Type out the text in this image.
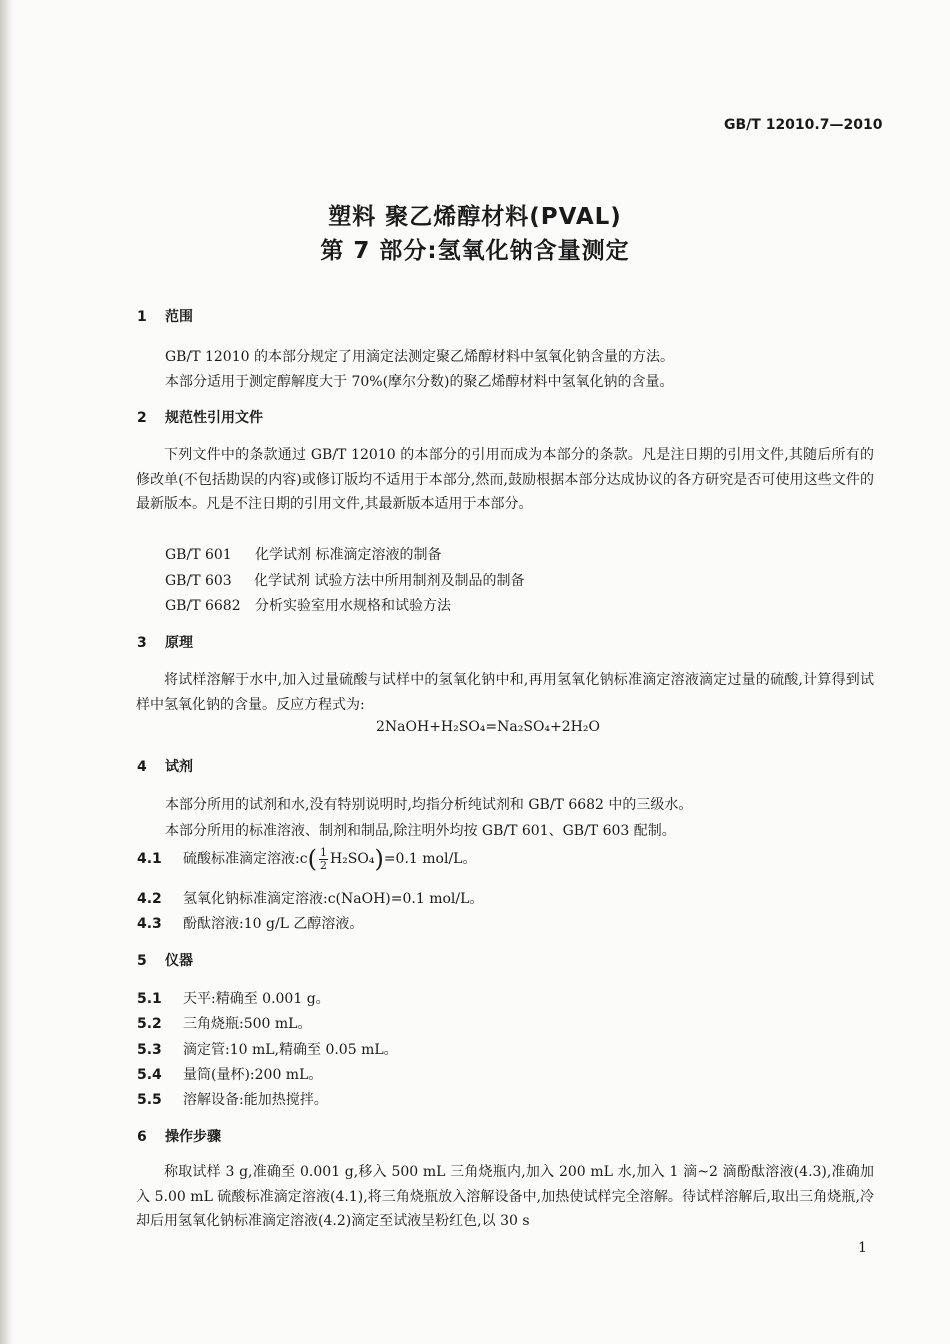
GB/T 12010.7—2010
塑料 聚乙烯醇材料(PVAL)
第 7 部分:氢氧化钠含量测定
1 范围
GB/T 12010 的本部分规定了用滴定法测定聚乙烯醇材料中氢氧化钠含量的方法。
本部分适用于测定醇解度大于 70%(摩尔分数)的聚乙烯醇材料中氢氧化钠的含量。
2 规范性引用文件
下列文件中的条款通过 GB/T 12010 的本部分的引用而成为本部分的条款。凡是注日期的引用文件,其随后所有的修改单(不包括勘误的内容)或修订版均不适用于本部分,然而,鼓励根据本部分达成协议的各方研究是否可使用这些文件的最新版本。凡是不注日期的引用文件,其最新版本适用于本部分。
GB/T 601 化学试剂 标准滴定溶液的制备
GB/T 603 化学试剂 试验方法中所用制剂及制品的制备
GB/T 6682 分析实验室用水规格和试验方法
3 原理
将试样溶解于水中,加入过量硫酸与试样中的氢氧化钠中和,再用氢氧化钠标准滴定溶液滴定过量的硫酸,计算得到试样中氢氧化钠的含量。反应方程式为:
2NaOH+H₂SO₄=Na₂SO₄+2H₂O
4 试剂
本部分所用的试剂和水,没有特别说明时,均指分析纯试剂和 GB/T 6682 中的三级水。
本部分所用的标准溶液、制剂和制品,除注明外均按 GB/T 601、GB/T 603 配制。
4.1 硫酸标准滴定溶液:c( $\frac{1}{2} H_2SO_4)=0.1$ mol/L。
4.2 氢氧化钠标准滴定溶液:c(NaOH)=0.1 mol/L。
4.3 酚酞溶液:10 g/L 乙醇溶液。
5 仪器
5.1 天平:精确至 0.001 g。
5.2 三角烧瓶:500 mL。
5.3 滴定管:10 mL,精确至 0.05 mL。
5.4 量筒(量杯):200 mL。
5.5 溶解设备:能加热搅拌。
6 操作步骤
称取试样 3 g,准确至 0.001 g,移入 500 mL 三角烧瓶内,加入 200 mL 水,加入 1 滴~2 滴酚酞溶液(4.3),准确加入 5.00 mL 硫酸标准滴定溶液(4.1),将三角烧瓶放入溶解设备中,加热使试样完全溶解。待试样溶解后,取出三角烧瓶,冷却后用氢氧化钠标准滴定溶液(4.2)滴定至试液呈粉红色,以 30 s
1
